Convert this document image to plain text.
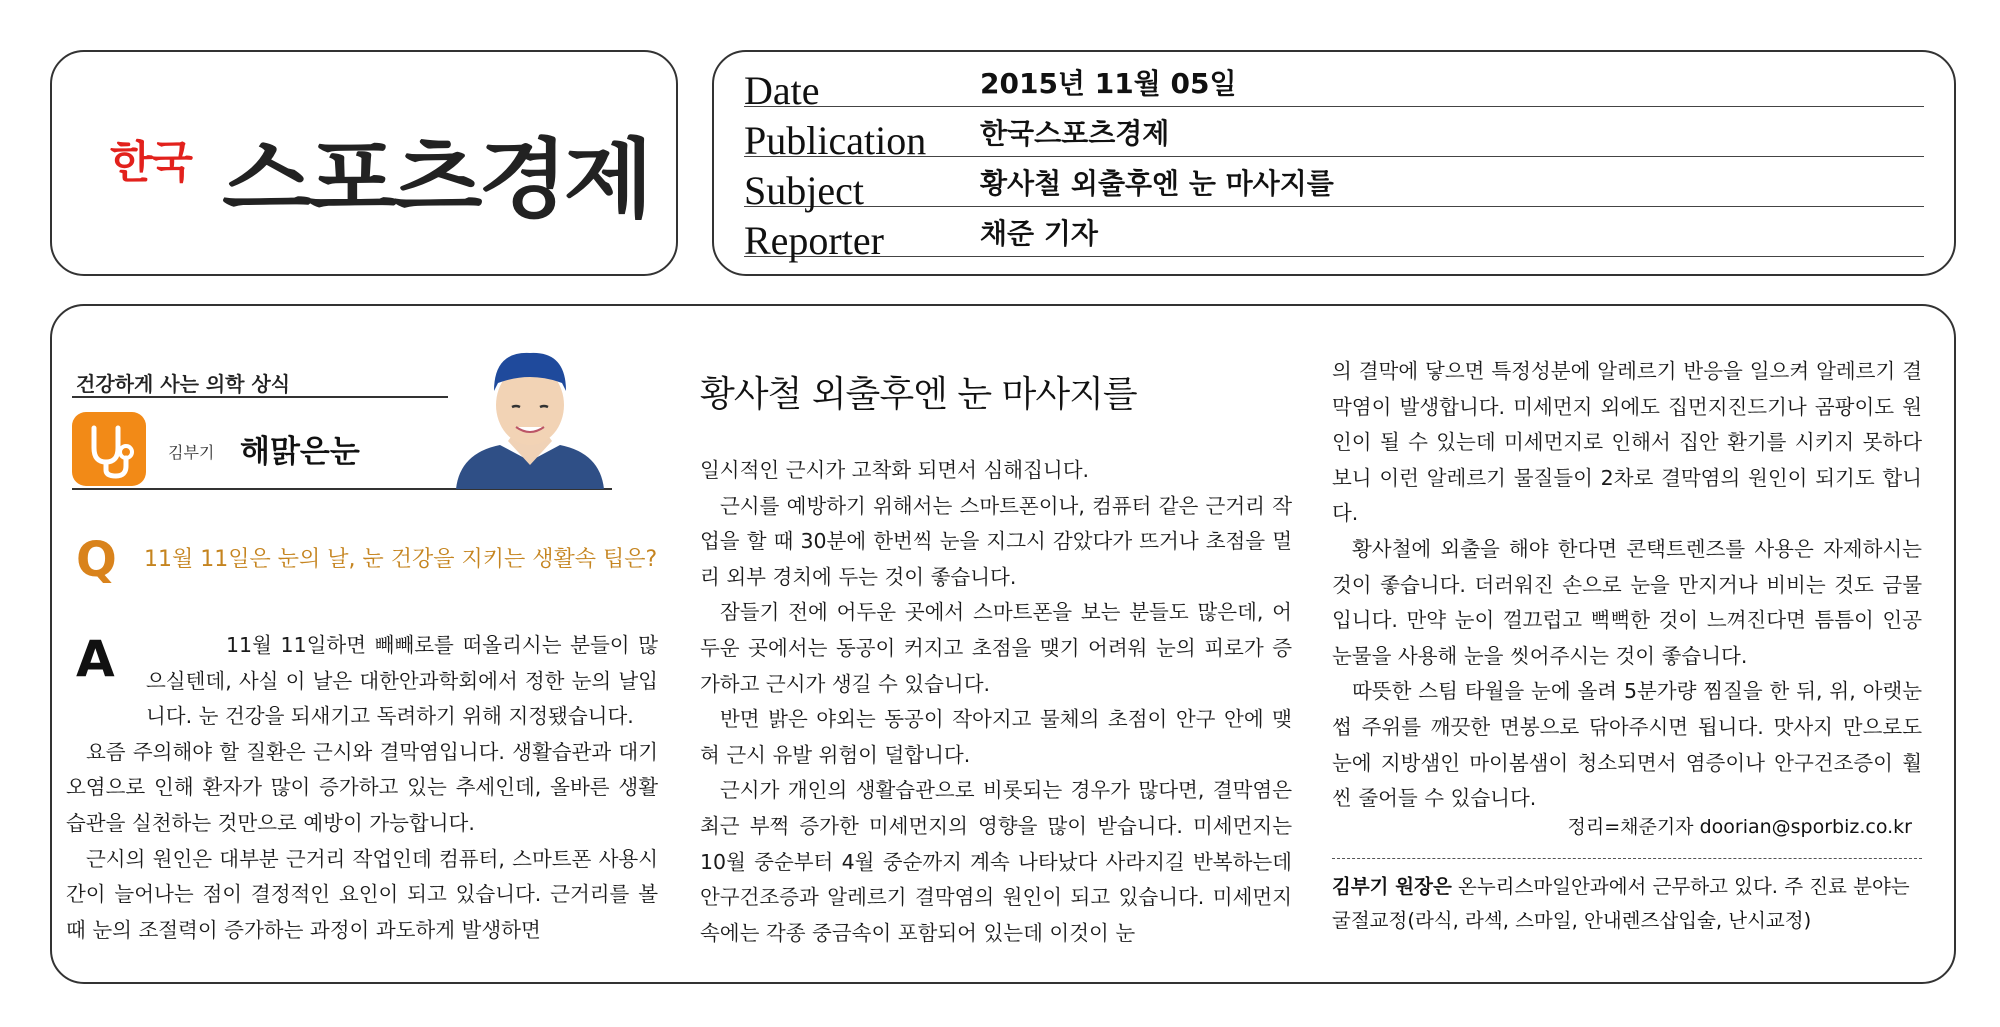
한국 스포츠경제
Date	2015년 11월 05일
Publication 한국스포츠경제
Subject	황사철 외출후엔 눈 마사지를
Reporter	채준 기자
건강하게 사는 의학 상식
김부기 해맑은눈
Q 11월 11일은 눈의 날, 눈 건강을 지키는 생활속 팁은?
A	11월 11일하면 빼빼로를 떠올리시는 분들이 많으실텐데, 사실 이 날은 대한안과학회에서 정한 눈의 날입니다. 눈 건강을 되새기고 독려하기 위해 지정됐습니다.

요즘 주의해야 할 질환은 근시와 결막염입니다. 생활습관과 대기오염으로 인해 환자가 많이 증가하고 있는 추세인데, 올바른 생활 습관을 실천하는 것만으로 예방이 가능합니다.

근시의 원인은 대부분 근거리 작업인데 컴퓨터, 스마트폰 사용시간이 늘어나는 점이 결정적인 요인이 되고 있습니다. 근거리를 볼 때 눈의 조절력이 증가하는 과정이 과도하게 발생하면

황사철 외출후엔 눈 마사지를

일시적인 근시가 고착화 되면서 심해집니다.

근시를 예방하기 위해서는 스마트폰이나, 컴퓨터 같은 근거리 작업을 할 때 30분에 한번씩 눈을 지그시 감았다가 뜨거나 초점을 멀리 외부 경치에 두는 것이 좋습니다.

잠들기 전에 어두운 곳에서 스마트폰을 보는 분들도 많은데, 어두운 곳에서는 동공이 커지고 초점을 맺기 어려워 눈의 피로가 증가하고 근시가 생길 수 있습니다.

반면 밝은 야외는 동공이 작아지고 물체의 초점이 안구 안에 맺혀 근시 유발 위험이 덜합니다.

근시가 개인의 생활습관으로 비롯되는 경우가 많다면, 결막염은 최근 부쩍 증가한 미세먼지의 영향을 많이 받습니다. 미세먼지는 10월 중순부터 4월 중순까지 계속 나타났다 사라지길 반복하는데 안구건조증과 알레르기 결막염의 원인이 되고 있습니다. 미세먼지 속에는 각종 중금속이 포함되어 있는데 이것이 눈

의 결막에 닿으면 특정성분에 알레르기 반응을 일으켜 알레르기 결막염이 발생합니다. 미세먼지 외에도 집먼지진드기나 곰팡이도 원인이 될 수 있는데 미세먼지로 인해서 집안 환기를 시키지 못하다보니 이런 알레르기 물질들이 2차로 결막염의 원인이 되기도 합니다.

황사철에 외출을 해야 한다면 콘택트렌즈를 사용은 자제하시는 것이 좋습니다. 더러워진 손으로 눈을 만지거나 비비는 것도 금물입니다. 만약 눈이 껄끄럽고 뻑뻑한 것이 느껴진다면 틈틈이 인공눈물을 사용해 눈을 씻어주시는 것이 좋습니다.

따뜻한 스팀 타월을 눈에 올려 5분가량 찜질을 한 뒤, 위, 아랫눈썹 주위를 깨끗한 면봉으로 닦아주시면 됩니다. 맛사지 만으로도 눈에 지방샘인 마이봄샘이 청소되면서 염증이나 안구건조증이 훨씬 줄어들 수 있습니다.

정리=채준기자 doorian@sporbiz.co.kr
김부기 원장은 온누리스마일안과에서 근무하고 있다. 주 진료 분야는 굴절교정(라식, 라섹, 스마일, 안내렌즈삽입술, 난시교정)
